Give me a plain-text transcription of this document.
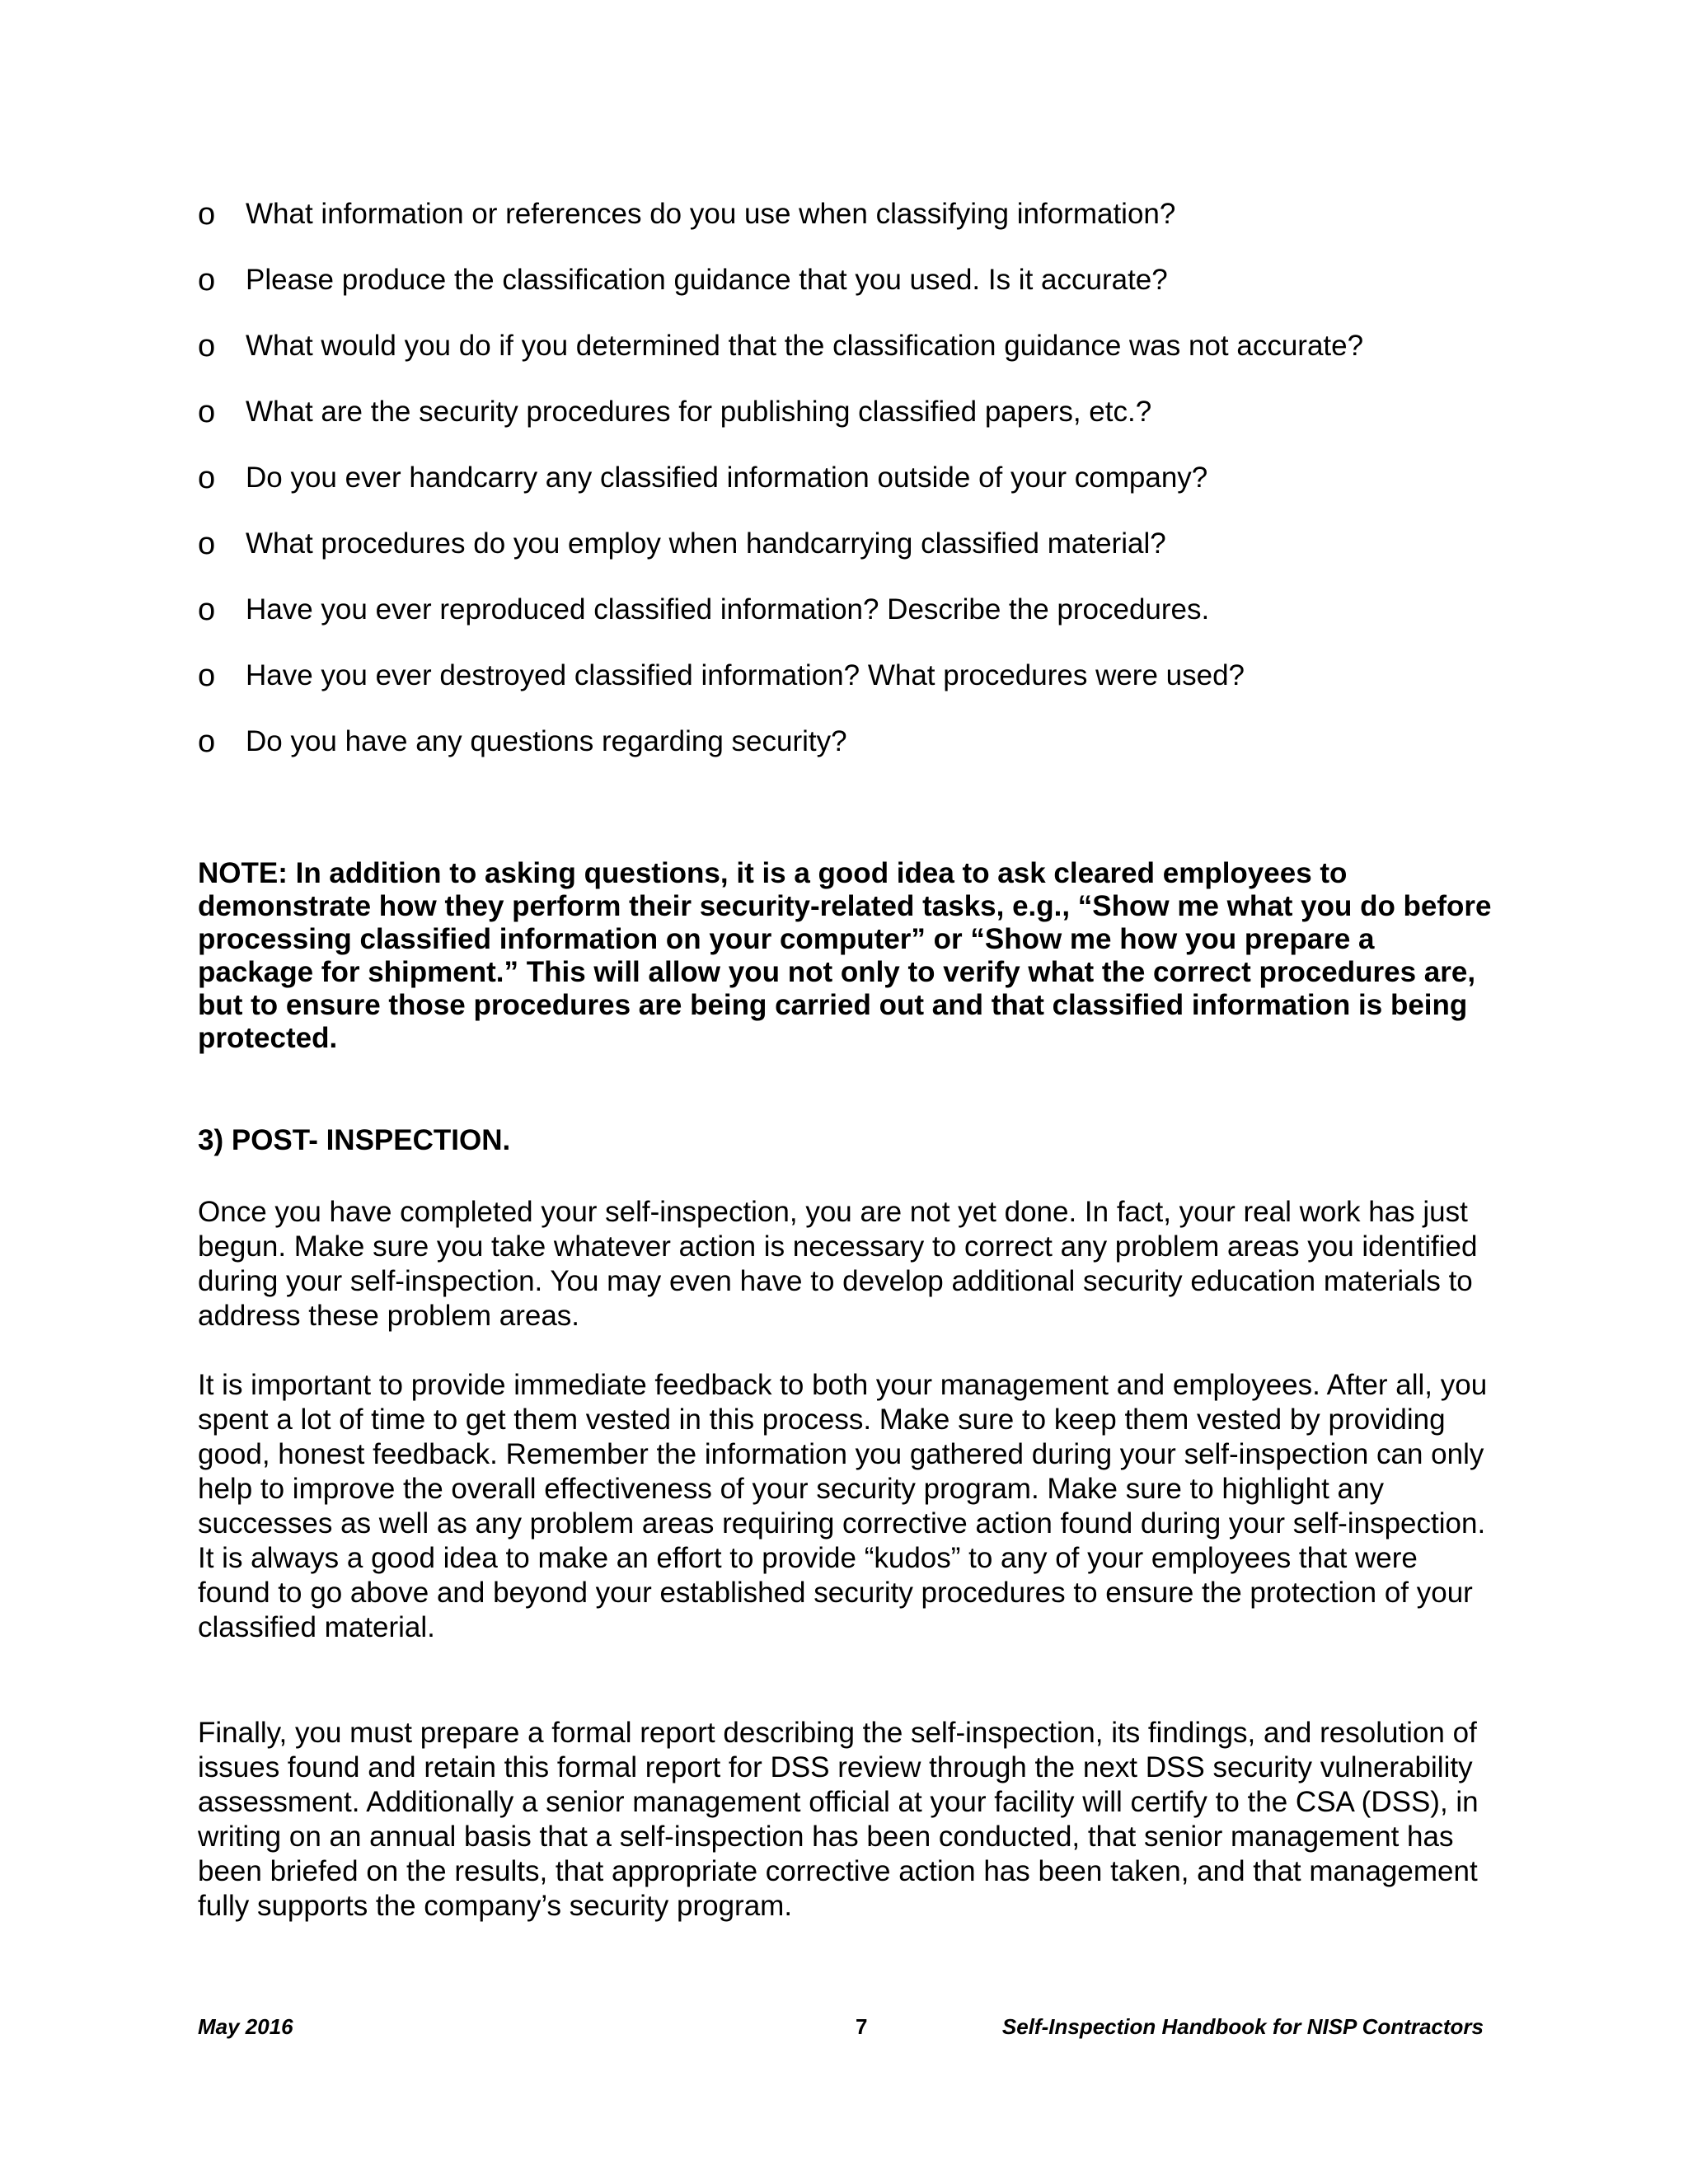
o What information or references do you use when classifying information?
o Please produce the classification guidance that you used. Is it accurate?
o What would you do if you determined that the classification guidance was not accurate?
o What are the security procedures for publishing classified papers, etc.?
o Do you ever handcarry any classified information outside of your company?
o What procedures do you employ when handcarrying classified material?
o Have you ever reproduced classified information? Describe the procedures.
o Have you ever destroyed classified information? What procedures were used?
o Do you have any questions regarding security?

NOTE: In addition to asking questions, it is a good idea to ask cleared employees to demonstrate how they perform their security-related tasks, e.g., “Show me what you do before processing classified information on your computer” or “Show me how you prepare a package for shipment.” This will allow you not only to verify what the correct procedures are, but to ensure those procedures are being carried out and that classified information is being protected.

3) POST- INSPECTION.

Once you have completed your self-inspection, you are not yet done. In fact, your real work has just begun. Make sure you take whatever action is necessary to correct any problem areas you identified during your self-inspection. You may even have to develop additional security education materials to address these problem areas.

It is important to provide immediate feedback to both your management and employees. After all, you spent a lot of time to get them vested in this process. Make sure to keep them vested by providing good, honest feedback. Remember the information you gathered during your self-inspection can only help to improve the overall effectiveness of your security program. Make sure to highlight any successes as well as any problem areas requiring corrective action found during your self-inspection. It is always a good idea to make an effort to provide “kudos” to any of your employees that were found to go above and beyond your established security procedures to ensure the protection of your classified material.

Finally, you must prepare a formal report describing the self-inspection, its findings, and resolution of issues found and retain this formal report for DSS review through the next DSS security vulnerability assessment. Additionally a senior management official at your facility will certify to the CSA (DSS), in writing on an annual basis that a self-inspection has been conducted, that senior management has been briefed on the results, that appropriate corrective action has been taken, and that management fully supports the company’s security program.

May 2016	7	Self-Inspection Handbook for NISP Contractors
